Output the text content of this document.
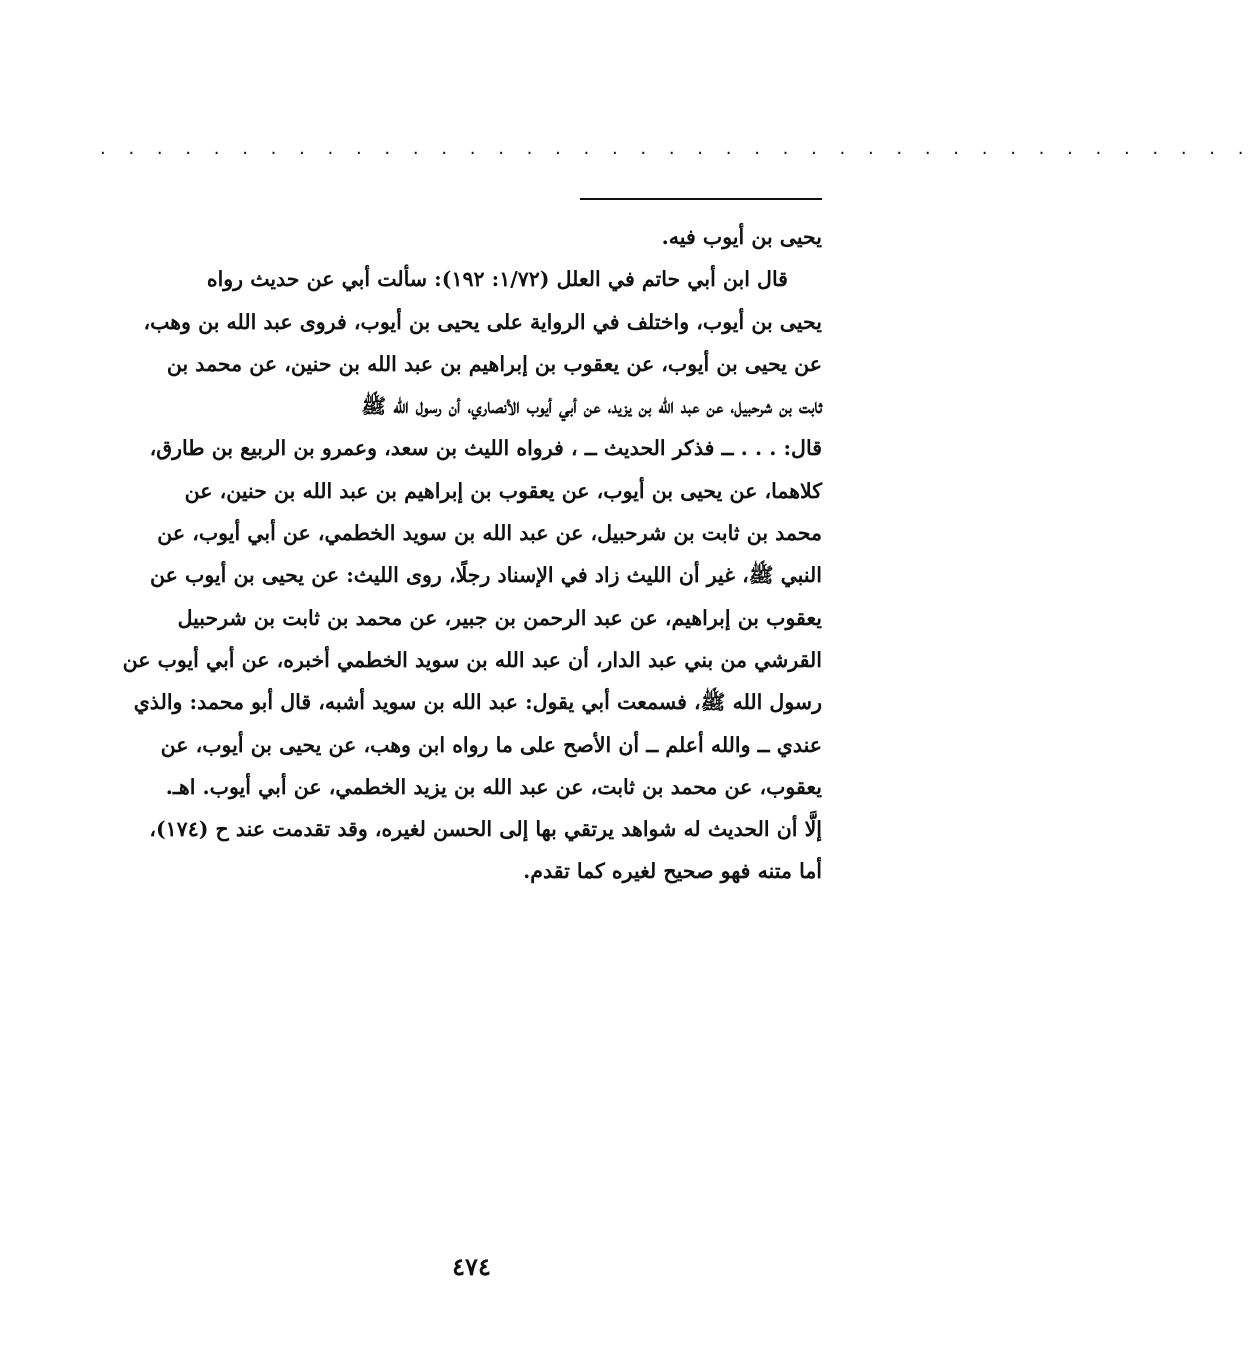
. . . . . . . . . . . . . . . . . . . . . . . . . . . . . . . . . . . . . . . . .
يحيى بن أيوب فيه.
قال ابن أبي حاتم في العلل (١/٧٢: ١٩٢): سألت أبي عن حديث رواه
يحيى بن أيوب، واختلف في الرواية على يحيى بن أيوب، فروى عبد الله بن وهب،
عن يحيى بن أيوب، عن يعقوب بن إبراهيم بن عبد الله بن حنين، عن محمد بن
ثابت بن شرحبيل، عن عبد الله بن يزيد، عن أبي أيوب الأنصاري، أن رسول الله ﷺ
قال: . . . ــ فذكر الحديث ــ ، فرواه الليث بن سعد، وعمرو بن الربيع بن طارق،
كلاهما، عن يحيى بن أيوب، عن يعقوب بن إبراهيم بن عبد الله بن حنين، عن
محمد بن ثابت بن شرحبيل، عن عبد الله بن سويد الخطمي، عن أبي أيوب، عن
النبي ﷺ، غير أن الليث زاد في الإسناد رجلًا، روى الليث: عن يحيى بن أيوب عن
يعقوب بن إبراهيم، عن عبد الرحمن بن جبير، عن محمد بن ثابت بن شرحبيل
القرشي من بني عبد الدار، أن عبد الله بن سويد الخطمي أخبره، عن أبي أيوب عن
رسول الله ﷺ، فسمعت أبي يقول: عبد الله بن سويد أشبه، قال أبو محمد: والذي
عندي ــ والله أعلم ــ أن الأصح على ما رواه ابن وهب، عن يحيى بن أيوب، عن
يعقوب، عن محمد بن ثابت، عن عبد الله بن يزيد الخطمي، عن أبي أيوب. اهـ.
إلَّا أن الحديث له شواهد يرتقي بها إلى الحسن لغيره، وقد تقدمت عند ح (١٧٤)،
أما متنه فهو صحيح لغيره كما تقدم.
٤٧٤
